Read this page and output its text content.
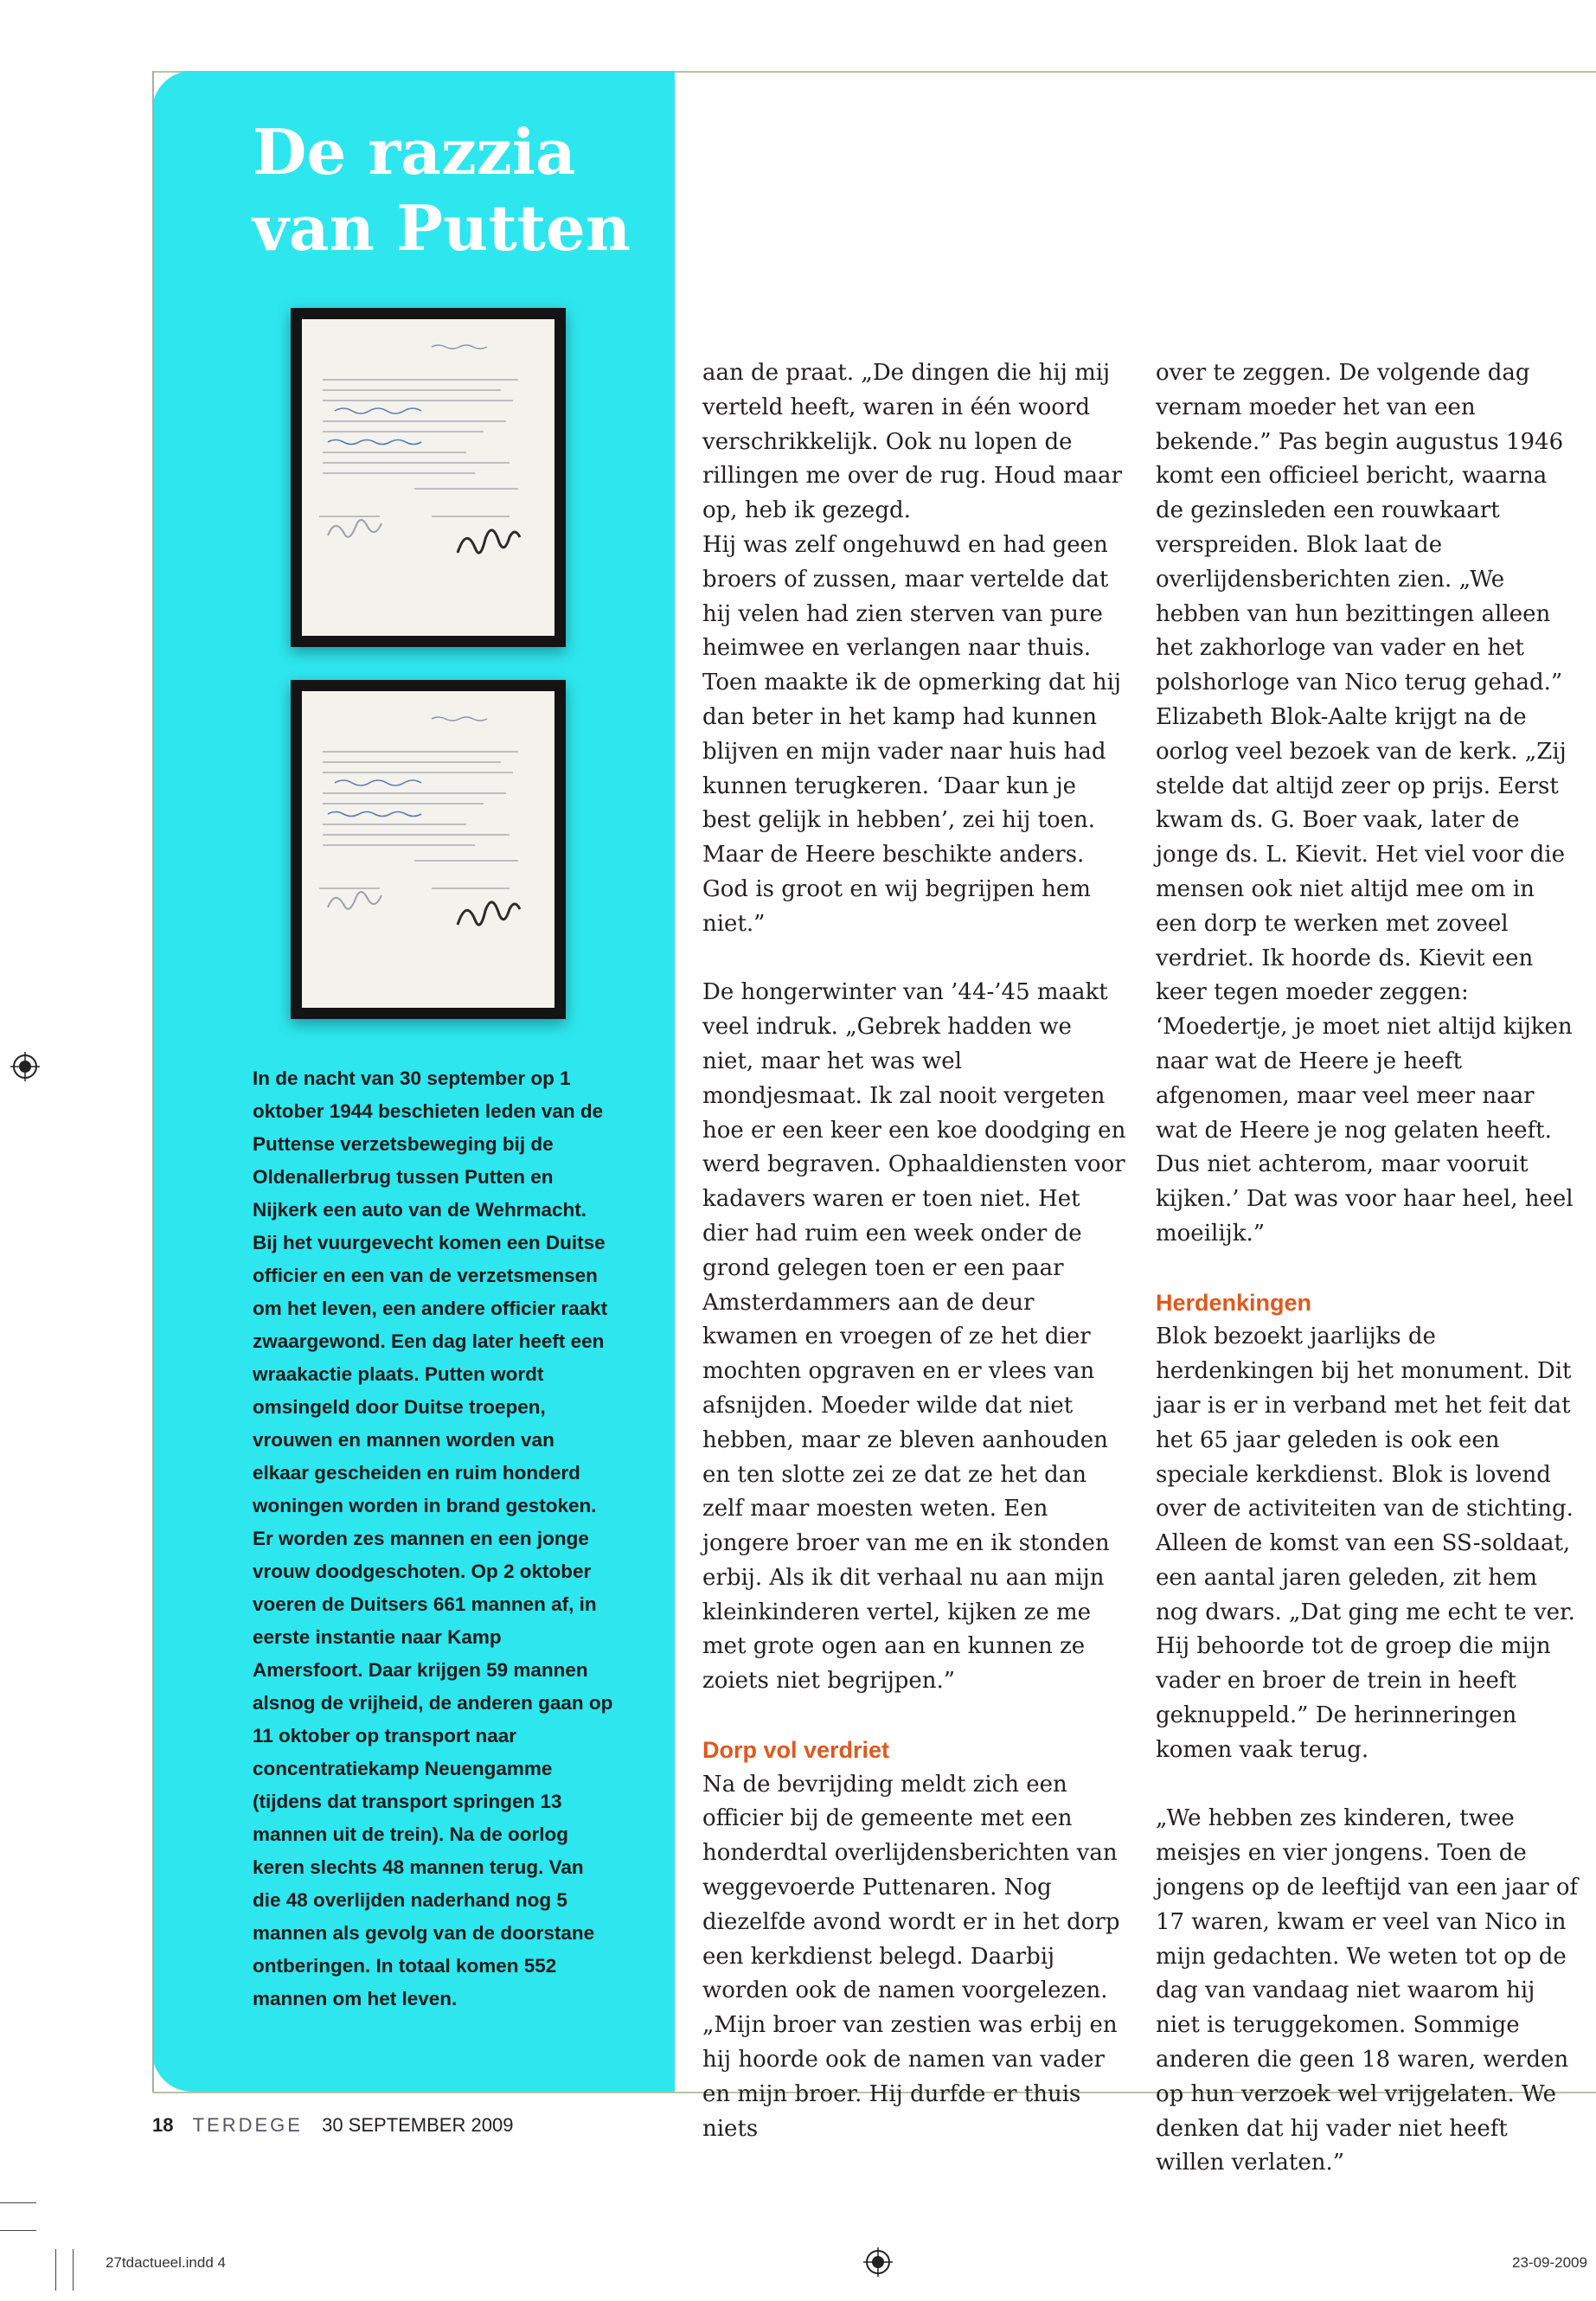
De razzia
van Putten

In de nacht van 30 september op 1 oktober 1944 beschieten leden van de Puttense verzetsbeweging bij de Oldenallerbrug tussen Putten en Nijkerk een auto van de Wehrmacht. Bij het vuurgevecht komen een Duitse officier en een van de verzetsmensen om het leven, een andere officier raakt zwaargewond. Een dag later heeft een wraakactie plaats. Putten wordt omsingeld door Duitse troepen, vrouwen en mannen worden van elkaar gescheiden en ruim honderd woningen worden in brand gestoken. Er worden zes mannen en een jonge vrouw doodgeschoten. Op 2 oktober voeren de Duitsers 661 mannen af, in eerste instantie naar Kamp Amersfoort. Daar krijgen 59 mannen alsnog de vrijheid, de anderen gaan op 11 oktober op transport naar concentratiekamp Neuengamme (tijdens dat transport springen 13 mannen uit de trein). Na de oorlog keren slechts 48 mannen terug. Van die 48 overlijden naderhand nog 5 mannen als gevolg van de doorstane ontberingen. In totaal komen 552 mannen om het leven.

aan de praat. „De dingen die hij mij verteld heeft, waren in één woord verschrikkelijk. Ook nu lopen de rillingen me over de rug. Houd maar op, heb ik gezegd.

Hij was zelf ongehuwd en had geen broers of zussen, maar vertelde dat hij velen had zien sterven van pure heimwee en verlangen naar thuis. Toen maakte ik de opmerking dat hij dan beter in het kamp had kunnen blijven en mijn vader naar huis had kunnen terugkeren. ‘Daar kun je best gelijk in hebben’, zei hij toen. Maar de Heere beschikte anders. God is groot en wij begrijpen hem niet.”

De hongerwinter van ’44-’45 maakt veel indruk. „Gebrek hadden we niet, maar het was wel mondjesmaat. Ik zal nooit vergeten hoe er een keer een koe doodging en werd begraven. Ophaaldiensten voor kadavers waren er toen niet. Het dier had ruim een week onder de grond gelegen toen er een paar Amsterdammers aan de deur kwamen en vroegen of ze het dier mochten opgraven en er vlees van afsnijden. Moeder wilde dat niet hebben, maar ze bleven aanhouden en ten slotte zei ze dat ze het dan zelf maar moesten weten. Een jongere broer van me en ik stonden erbij. Als ik dit verhaal nu aan mijn kleinkinderen vertel, kijken ze me met grote ogen aan en kunnen ze zoiets niet begrijpen.”

Dorp vol verdriet

Na de bevrijding meldt zich een officier bij de gemeente met een honderdtal overlijdensberichten van weggevoerde Puttenaren. Nog diezelfde avond wordt er in het dorp een kerkdienst belegd. Daarbij worden ook de namen voorgelezen. „Mijn broer van zestien was erbij en hij hoorde ook de namen van vader en mijn broer. Hij durfde er thuis niets

over te zeggen. De volgende dag vernam moeder het van een bekende.” Pas begin augustus 1946 komt een officieel bericht, waarna de gezinsleden een rouwkaart verspreiden. Blok laat de overlijdensberichten zien. „We hebben van hun bezittingen alleen het zakhorloge van vader en het polshorloge van Nico terug gehad.” Elizabeth Blok-Aalte krijgt na de oorlog veel bezoek van de kerk. „Zij stelde dat altijd zeer op prijs. Eerst kwam ds. G. Boer vaak, later de jonge ds. L. Kievit. Het viel voor die mensen ook niet altijd mee om in een dorp te werken met zoveel verdriet. Ik hoorde ds. Kievit een keer tegen moeder zeggen: ‘Moedertje, je moet niet altijd kijken naar wat de Heere je heeft afgenomen, maar veel meer naar wat de Heere je nog gelaten heeft. Dus niet achterom, maar vooruit kijken.’ Dat was voor haar heel, heel moeilijk.”

Herdenkingen

Blok bezoekt jaarlijks de herdenkingen bij het monument. Dit jaar is er in verband met het feit dat het 65 jaar geleden is ook een speciale kerkdienst. Blok is lovend over de activiteiten van de stichting. Alleen de komst van een SS-soldaat, een aantal jaren geleden, zit hem nog dwars. „Dat ging me echt te ver. Hij behoorde tot de groep die mijn vader en broer de trein in heeft geknuppeld.” De herinneringen komen vaak terug.

„We hebben zes kinderen, twee meisjes en vier jongens. Toen de jongens op de leeftijd van een jaar of 17 waren, kwam er veel van Nico in mijn gedachten. We weten tot op de dag van vandaag niet waarom hij niet is teruggekomen. Sommige anderen die geen 18 waren, werden op hun verzoek wel vrijgelaten. We denken dat hij vader niet heeft willen verlaten.”

18 TERDEGE 30 SEPTEMBER 2009
27tdactueel.indd 4	23-09-2009
